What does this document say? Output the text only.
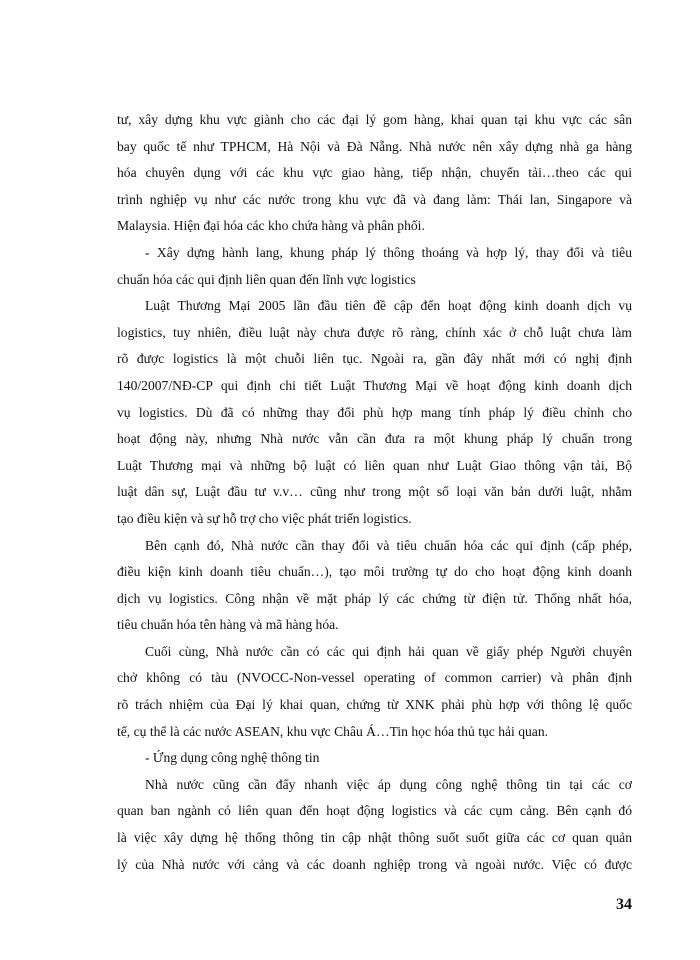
tư, xây dựng khu vực giành cho các đại lý gom hàng, khai quan tại khu vực các sân
bay quốc tế như TPHCM, Hà Nội và Đà Nẵng. Nhà nước nên xây dựng nhà ga hàng
hóa chuyên dụng với các khu vực giao hàng, tiếp nhận, chuyển tải…theo các qui
trình nghiệp vụ như các nước trong khu vực đã và đang làm: Thái lan, Singapore và
Malaysia. Hiện đại hóa các kho chứa hàng và phân phối.
- Xây dựng hành lang, khung pháp lý thông thoáng và hợp lý, thay đổi và tiêu
chuẩn hóa các qui định liên quan đến lĩnh vực logistics
Luật Thương Mại 2005 lần đầu tiên đề cập đến hoạt động kinh doanh dịch vụ
logistics, tuy nhiên, điều luật này chưa được rõ ràng, chính xác ở chỗ luật chưa làm
rõ được logistics là một chuỗi liên tục. Ngoài ra, gần đây nhất mới có nghị định
140/2007/NĐ-CP qui định chi tiết Luật Thương Mại về hoạt động kinh doanh dịch
vụ logistics. Dù đã có những thay đổi phù hợp mang tính pháp lý điều chỉnh cho
hoạt động này, nhưng Nhà nước vẫn cần đưa ra một khung pháp lý chuẩn trong
Luật Thương mại và những bộ luật có liên quan như Luật Giao thông vận tải, Bộ
luật dân sự, Luật đầu tư v.v… cũng như trong một số loại văn bản dưới luật, nhằm
tạo điều kiện và sự hỗ trợ cho việc phát triển logistics.
Bên cạnh đó, Nhà nước cần thay đổi và tiêu chuẩn hóa các qui định (cấp phép,
điều kiện kinh doanh tiêu chuẩn…), tạo môi trường tự do cho hoạt động kinh doanh
dịch vụ logistics. Công nhận về mặt pháp lý các chứng từ điện tử. Thống nhất hóa,
tiêu chuẩn hóa tên hàng và mã hàng hóa.
Cuối cùng, Nhà nước cần có các qui định hải quan về giấy phép Người chuyên
chở không có tàu (NVOCC-Non-vessel operating of common carrier) và phân định
rõ trách nhiệm của Đại lý khai quan, chứng từ XNK phải phù hợp với thông lệ quốc
tế, cụ thể là các nước ASEAN, khu vực Châu Á…Tin học hóa thủ tục hải quan.
- Ứng dụng công nghệ thông tin
Nhà nước cũng cần đẩy nhanh việc áp dụng công nghệ thông tin tại các cơ
quan ban ngành có liên quan đến hoạt động logistics và các cụm cảng. Bên cạnh đó
là việc xây dựng hệ thống thông tin cập nhật thông suốt suốt giữa các cơ quan quản
lý của Nhà nước với cảng và các doanh nghiệp trong và ngoài nước. Việc có được
34
